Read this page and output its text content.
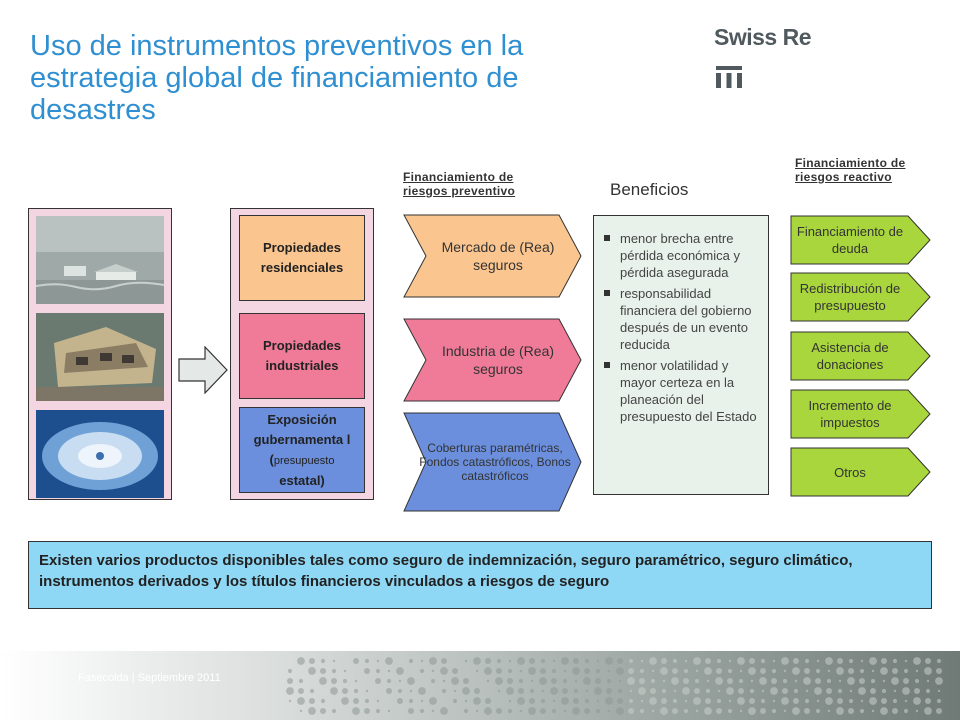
Uso de instrumentos preventivos en la estrategia global de financiamiento de desastres
Swiss Re
Financiamiento de riesgos preventivo	Beneficios
Financiamiento de riesgos reactivo
Propiedades residenciales
Propiedades industriales
Exposición gubernamenta l (presupuesto
estatal)
Mercado de (Rea) seguros
Industria de (Rea) seguros
Coberturas paramétricas, Fondos catastróficos, Bonos catastróficos
menor brecha entre pérdida económica y pérdida asegurada
responsabilidad financiera del gobierno después de un evento reducida
menor volatilidad y mayor certeza en la planeación del presupuesto del Estado
Financiamiento de deuda
Redistribución de presupuesto
Asistencia de donaciones
Incremento de impuestos
Otros
Existen varios productos disponibles tales como seguro de indemnización, seguro paramétrico, seguro climático, instrumentos derivados y los títulos financieros vinculados a riesgos de seguro
Fasecolda | Septiembre 2011
